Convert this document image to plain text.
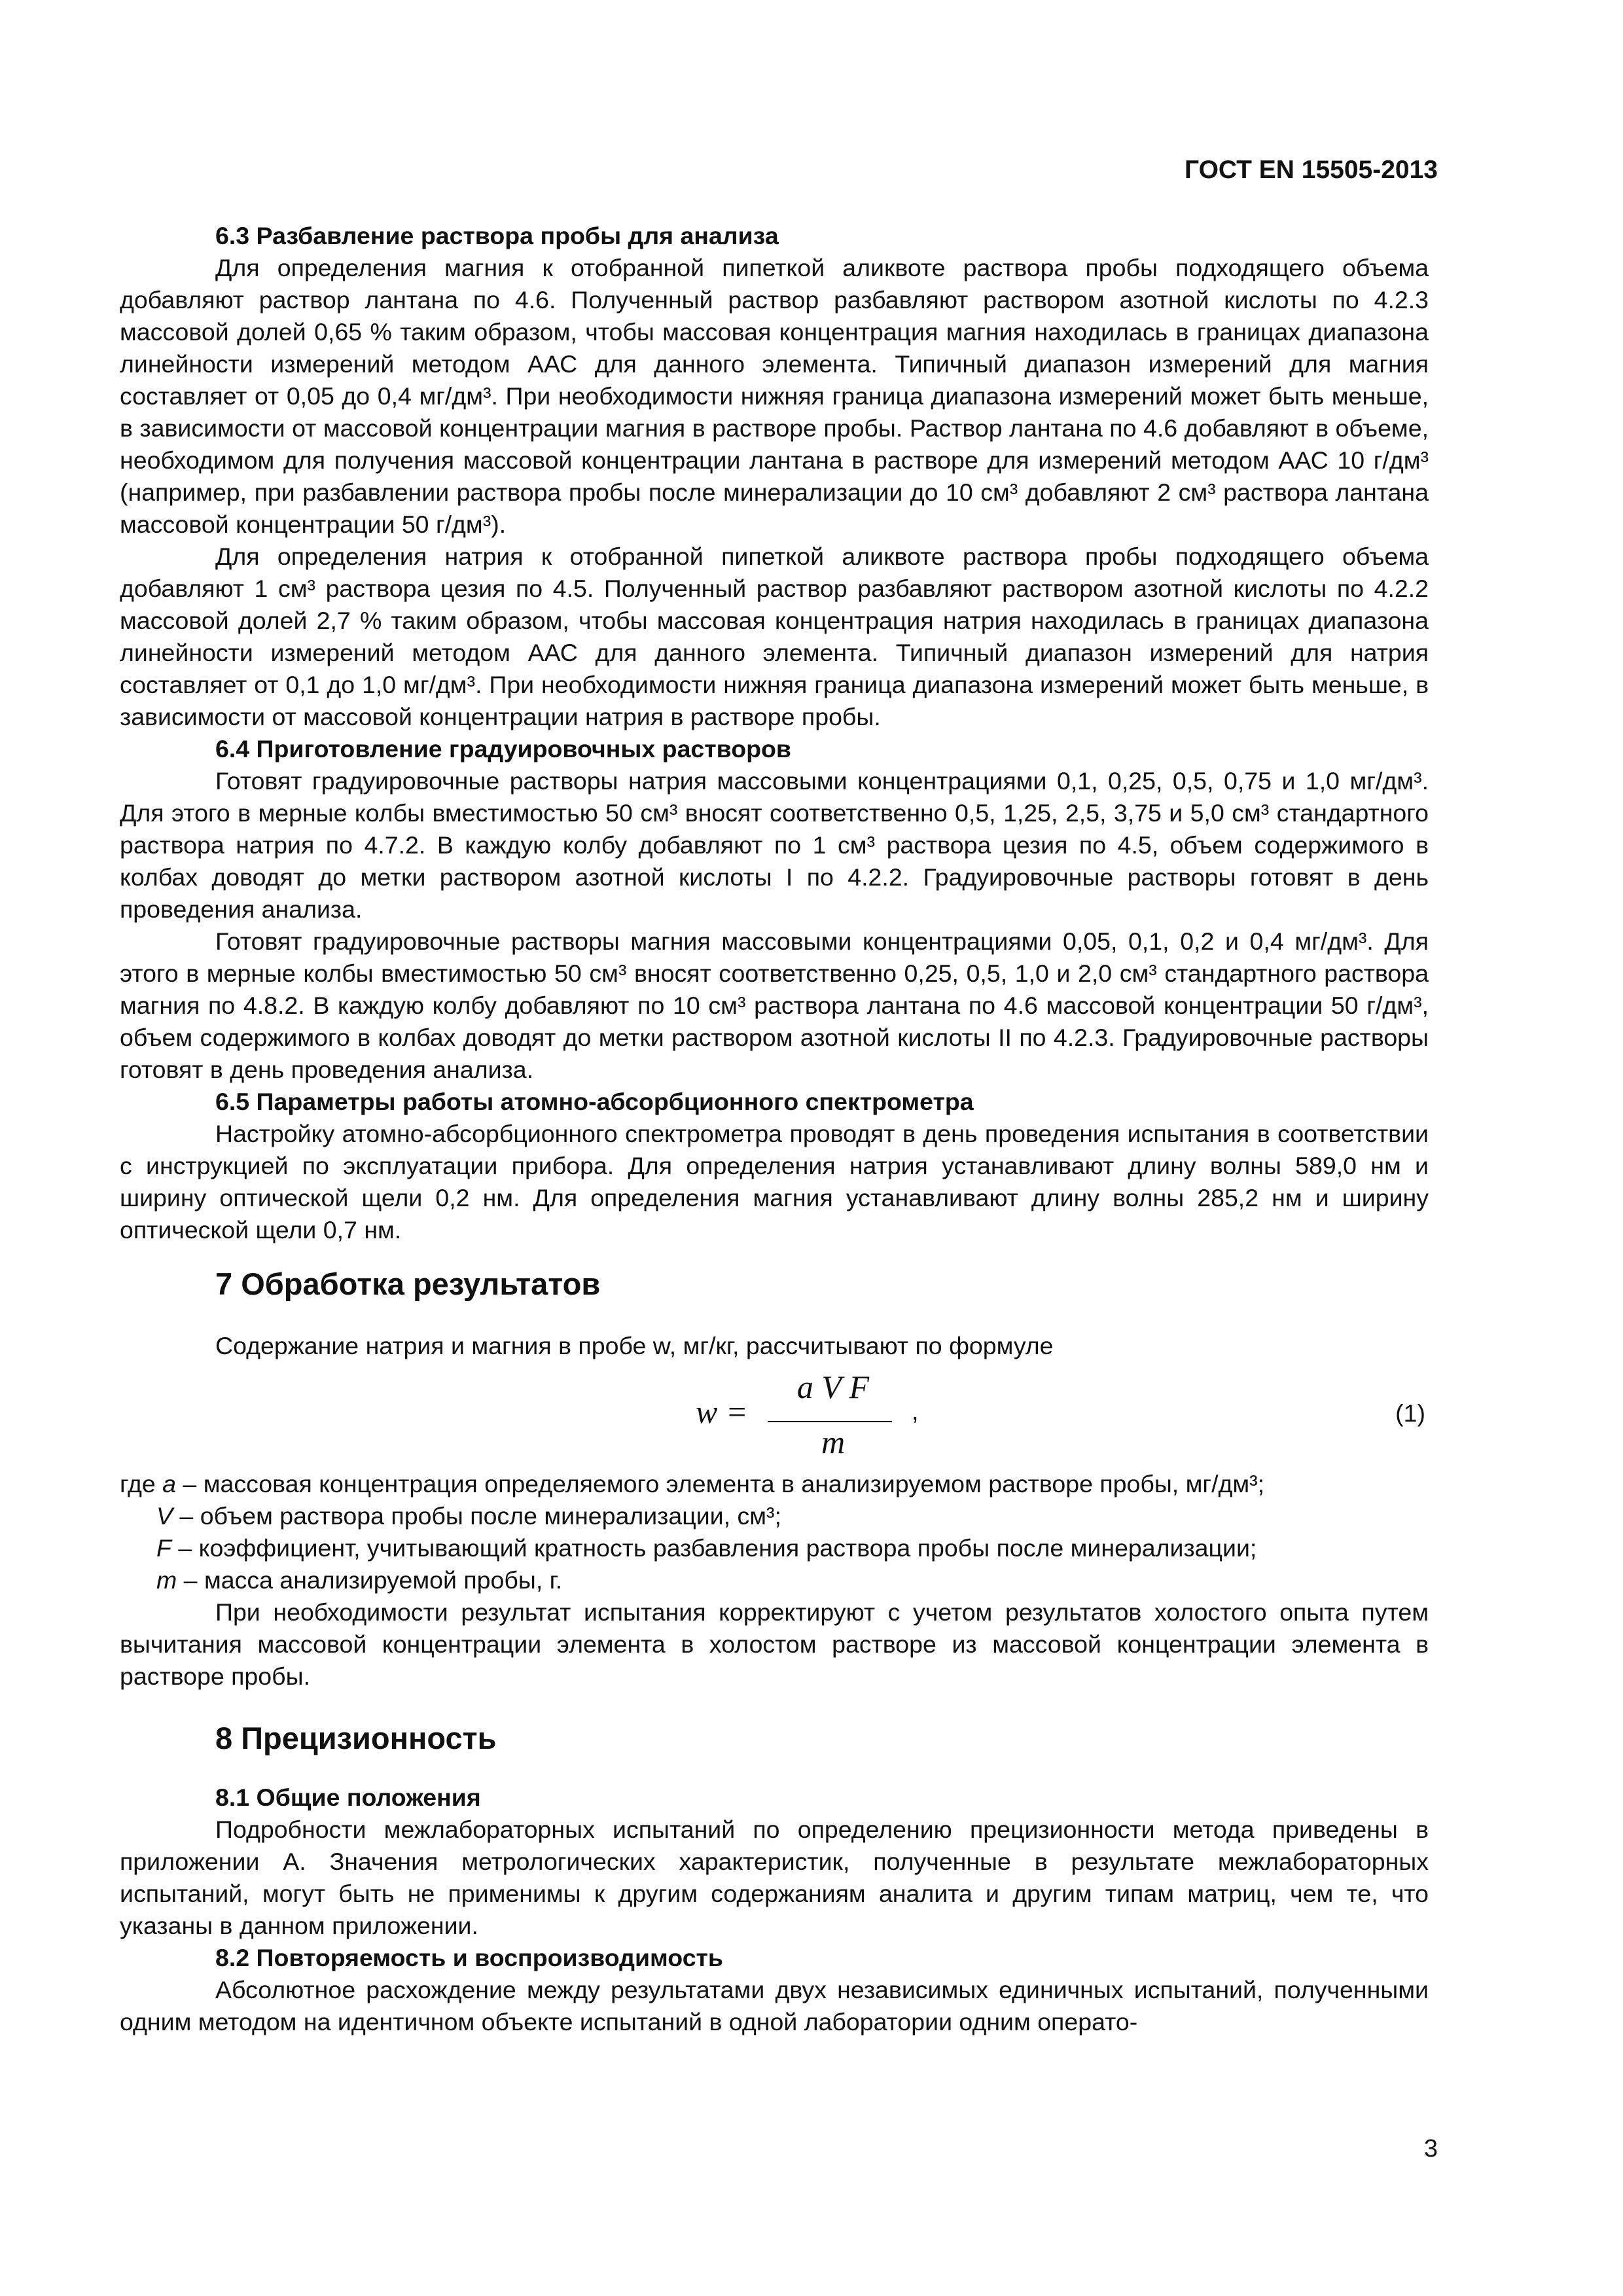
ГОСТ EN 15505-2013
6.3 Разбавление раствора пробы для анализа

Для определения магния к отобранной пипеткой аликвоте раствора пробы подходящего объема добавляют раствор лантана по 4.6. Полученный раствор разбавляют раствором азотной кислоты по 4.2.3 массовой долей 0,65 % таким образом, чтобы массовая концентрация магния находилась в границах диапазона линейности измерений методом ААС для данного элемента. Типичный диапазон измерений для магния составляет от 0,05 до 0,4 мг/дм³. При необходимости нижняя граница диапазона измерений может быть меньше, в зависимости от массовой концентрации магния в растворе пробы. Раствор лантана по 4.6 добавляют в объеме, необходимом для получения массовой концентрации лантана в растворе для измерений методом ААС 10 г/дм³ (например, при разбавлении раствора пробы после минерализации до 10 см³ добавляют 2 см³ раствора лантана массовой концентрации 50 г/дм³).

Для определения натрия к отобранной пипеткой аликвоте раствора пробы подходящего объема добавляют 1 см³ раствора цезия по 4.5. Полученный раствор разбавляют раствором азотной кислоты по 4.2.2 массовой долей 2,7 % таким образом, чтобы массовая концентрация натрия находилась в границах диапазона линейности измерений методом ААС для данного элемента. Типичный диапазон измерений для натрия составляет от 0,1 до 1,0 мг/дм³. При необходимости нижняя граница диапазона измерений может быть меньше, в зависимости от массовой концентрации натрия в растворе пробы.

6.4 Приготовление градуировочных растворов

Готовят градуировочные растворы натрия массовыми концентрациями 0,1, 0,25, 0,5, 0,75 и 1,0 мг/дм³. Для этого в мерные колбы вместимостью 50 см³ вносят соответственно 0,5, 1,25, 2,5, 3,75 и 5,0 см³ стандартного раствора натрия по 4.7.2. В каждую колбу добавляют по 1 см³ раствора цезия по 4.5, объем содержимого в колбах доводят до метки раствором азотной кислоты I по 4.2.2. Градуировочные растворы готовят в день проведения анализа.

Готовят градуировочные растворы магния массовыми концентрациями 0,05, 0,1, 0,2 и 0,4 мг/дм³. Для этого в мерные колбы вместимостью 50 см³ вносят соответственно 0,25, 0,5, 1,0 и 2,0 см³ стандартного раствора магния по 4.8.2. В каждую колбу добавляют по 10 см³ раствора лантана по 4.6 массовой концентрации 50 г/дм³, объем содержимого в колбах доводят до метки раствором азотной кислоты II по 4.2.3. Градуировочные растворы готовят в день проведения анализа.

6.5 Параметры работы атомно-абсорбционного спектрометра

Настройку атомно-абсорбционного спектрометра проводят в день проведения испытания в соответствии с инструкцией по эксплуатации прибора. Для определения натрия устанавливают длину волны 589,0 нм и ширину оптической щели 0,2 нм. Для определения магния устанавливают длину волны 285,2 нм и ширину оптической щели 0,7 нм.

7 Обработка результатов
Содержание натрия и магния в пробе w, мг/кг, рассчитывают по формуле
w =
a V F
m
,	(1)
где a – массовая концентрация определяемого элемента в анализируемом растворе пробы, мг/дм³;
V – объем раствора пробы после минерализации, см³;
F – коэффициент, учитывающий кратность разбавления раствора пробы после минерализации;
m – масса анализируемой пробы, г.

При необходимости результат испытания корректируют с учетом результатов холостого опыта путем вычитания массовой концентрации элемента в холостом растворе из массовой концентрации элемента в растворе пробы.

8 Прецизионность
8.1 Общие положения

Подробности межлабораторных испытаний по определению прецизионности метода приведены в приложении А. Значения метрологических характеристик, полученные в результате межлабораторных испытаний, могут быть не применимы к другим содержаниям аналита и другим типам матриц, чем те, что указаны в данном приложении.

8.2 Повторяемость и воспроизводимость

Абсолютное расхождение между результатами двух независимых единичных испытаний, полученными одним методом на идентичном объекте испытаний в одной лаборатории одним операто-

3
